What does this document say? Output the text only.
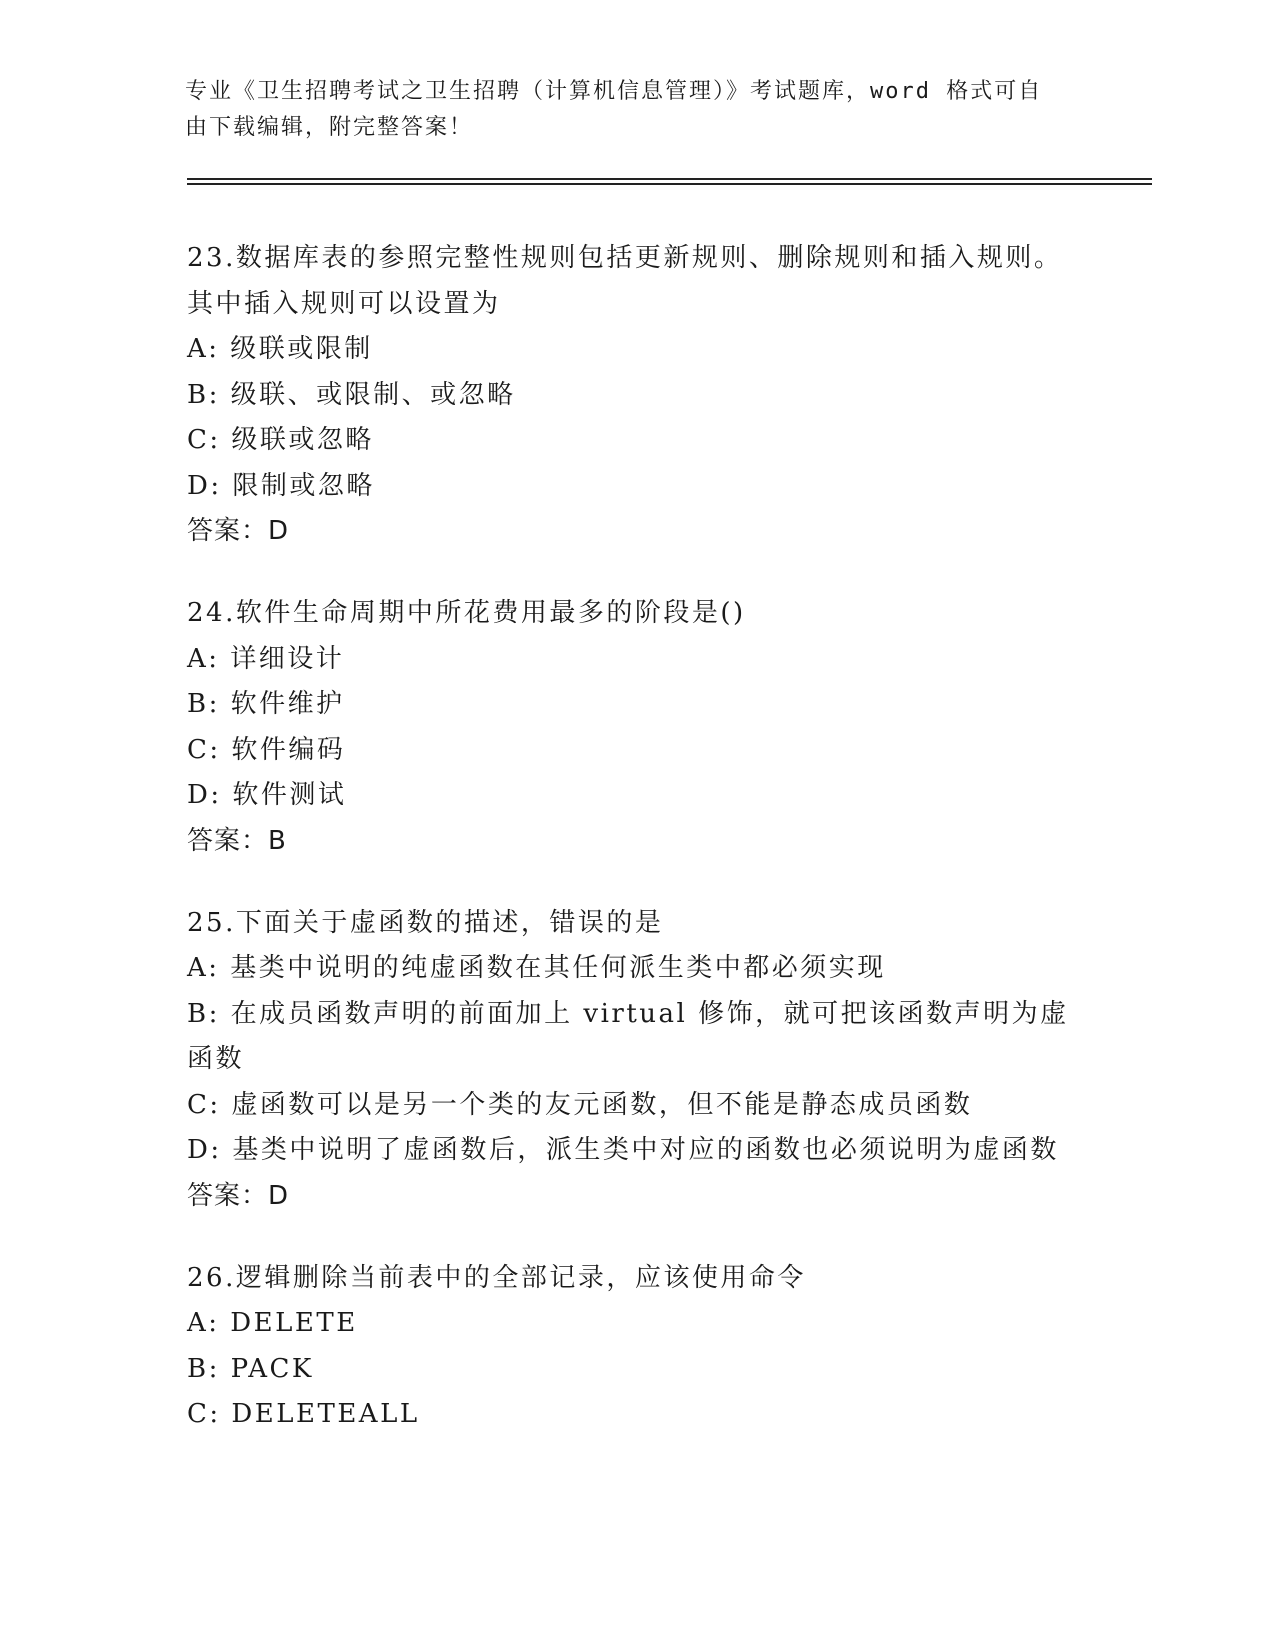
专业《卫生招聘考试之卫生招聘（计算机信息管理）》考试题库，word 格式可自
由下载编辑，附完整答案！
23.数据库表的参照完整性规则包括更新规则、删除规则和插入规则。
其中插入规则可以设置为
A: 级联或限制
B: 级联、或限制、或忽略
C: 级联或忽略
D: 限制或忽略
答案：D
24.软件生命周期中所花费用最多的阶段是()
A: 详细设计
B: 软件维护
C: 软件编码
D: 软件测试
答案：B
25.下面关于虚函数的描述，错误的是
A: 基类中说明的纯虚函数在其任何派生类中都必须实现
B: 在成员函数声明的前面加上 virtual 修饰，就可把该函数声明为虚
函数
C: 虚函数可以是另一个类的友元函数，但不能是静态成员函数
D: 基类中说明了虚函数后，派生类中对应的函数也必须说明为虚函数
答案：D
26.逻辑删除当前表中的全部记录，应该使用命令
A: DELETE
B: PACK
C: DELETEALL
